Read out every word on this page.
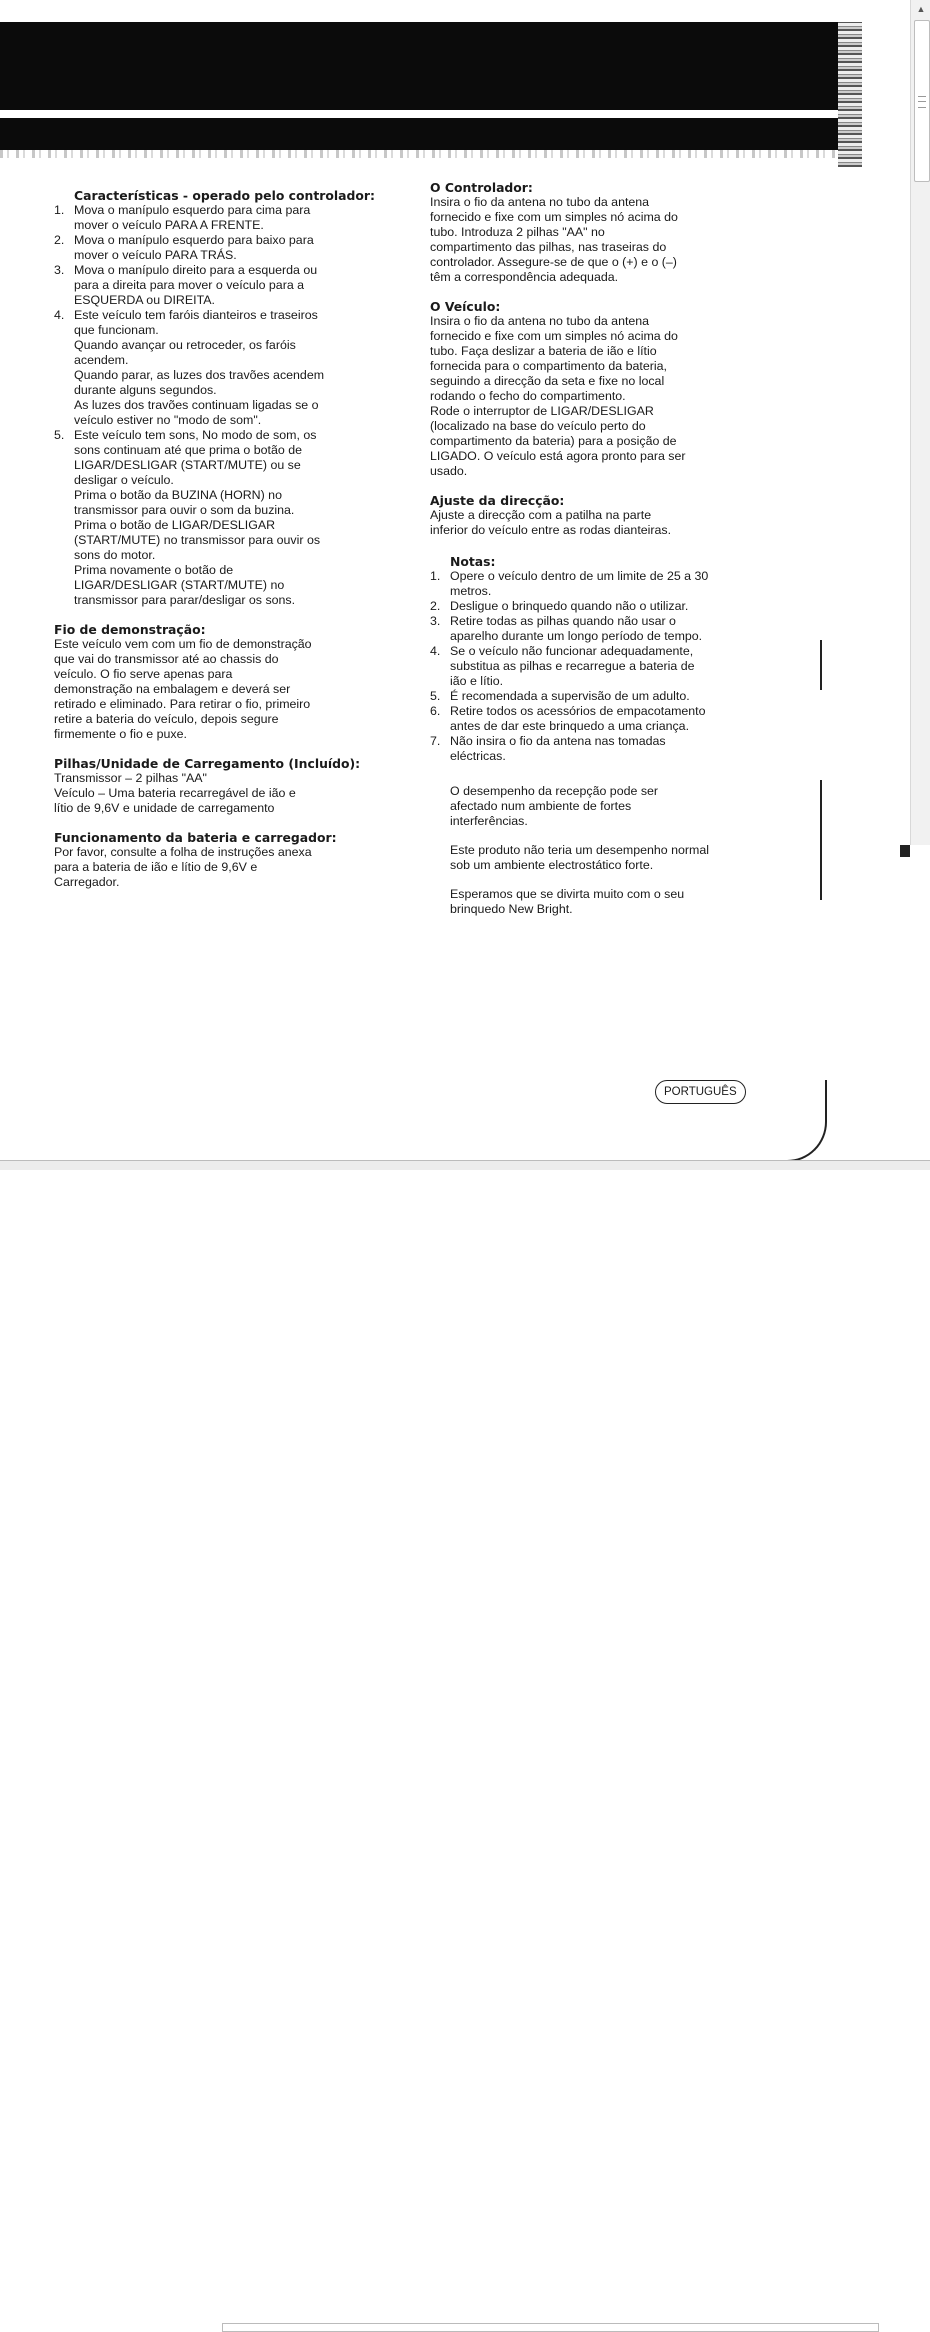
Características - operado pelo controlador:
1. Mova o manípulo esquerdo para cima para
mover o veículo PARA A FRENTE.
2. Mova o manípulo esquerdo para baixo para
mover o veículo PARA TRÁS.
3. Mova o manípulo direito para a esquerda ou
para a direita para mover o veículo para a
ESQUERDA ou DIREITA.
4. Este veículo tem faróis dianteiros e traseiros
que funcionam.
Quando avançar ou retroceder, os faróis
acendem.
Quando parar, as luzes dos travões acendem
durante alguns segundos.
As luzes dos travões continuam ligadas se o
veículo estiver no "modo de som".
5. Este veículo tem sons, No modo de som, os
sons continuam até que prima o botão de
LIGAR/DESLIGAR (START/MUTE) ou se
desligar o veículo.
Prima o botão da BUZINA (HORN) no
transmissor para ouvir o som da buzina.
Prima o botão de LIGAR/DESLIGAR
(START/MUTE) no transmissor para ouvir os
sons do motor.
Prima novamente o botão de
LIGAR/DESLIGAR (START/MUTE) no
transmissor para parar/desligar os sons.
Fio de demonstração:

Este veículo vem com um fio de demonstração
que vai do transmissor até ao chassis do
veículo. O fio serve apenas para
demonstração na embalagem e deverá ser
retirado e eliminado. Para retirar o fio, primeiro
retire a bateria do veículo, depois segure
firmemente o fio e puxe.

Pilhas/Unidade de Carregamento (Incluído):

Transmissor – 2 pilhas "AA"
Veículo – Uma bateria recarregável de ião e
lítio de 9,6V e unidade de carregamento

Funcionamento da bateria e carregador:

Por favor, consulte a folha de instruções anexa
para a bateria de ião e lítio de 9,6V e
Carregador.

O Controlador:

Insira o fio da antena no tubo da antena
fornecido e fixe com um simples nó acima do
tubo. Introduza 2 pilhas "AA" no
compartimento das pilhas, nas traseiras do
controlador. Assegure-se de que o (+) e o (–)
têm a correspondência adequada.

O Veículo:

Insira o fio da antena no tubo da antena
fornecido e fixe com um simples nó acima do
tubo. Faça deslizar a bateria de ião e lítio
fornecida para o compartimento da bateria,
seguindo a direcção da seta e fixe no local
rodando o fecho do compartimento.
Rode o interruptor de LIGAR/DESLIGAR
(localizado na base do veículo perto do
compartimento da bateria) para a posição de
LIGADO. O veículo está agora pronto para ser
usado.

Ajuste da direcção:

Ajuste a direcção com a patilha na parte
inferior do veículo entre as rodas dianteiras.

Notas:
1. Opere o veículo dentro de um limite de 25 a 30
metros.
2. Desligue o brinquedo quando não o utilizar.
3. Retire todas as pilhas quando não usar o
aparelho durante um longo período de tempo.
4. Se o veículo não funcionar adequadamente,
substitua as pilhas e recarregue a bateria de
ião e lítio.
5. É recomendada a supervisão de um adulto.
6. Retire todos os acessórios de empacotamento
antes de dar este brinquedo a uma criança.
7. Não insira o fio da antena nas tomadas
eléctricas.

O desempenho da recepção pode ser
afectado num ambiente de fortes
interferências.

Este produto não teria um desempenho normal
sob um ambiente electrostático forte.

Esperamos que se divirta muito com o seu
brinquedo New Bright.

PORTUGUÊS
▲
